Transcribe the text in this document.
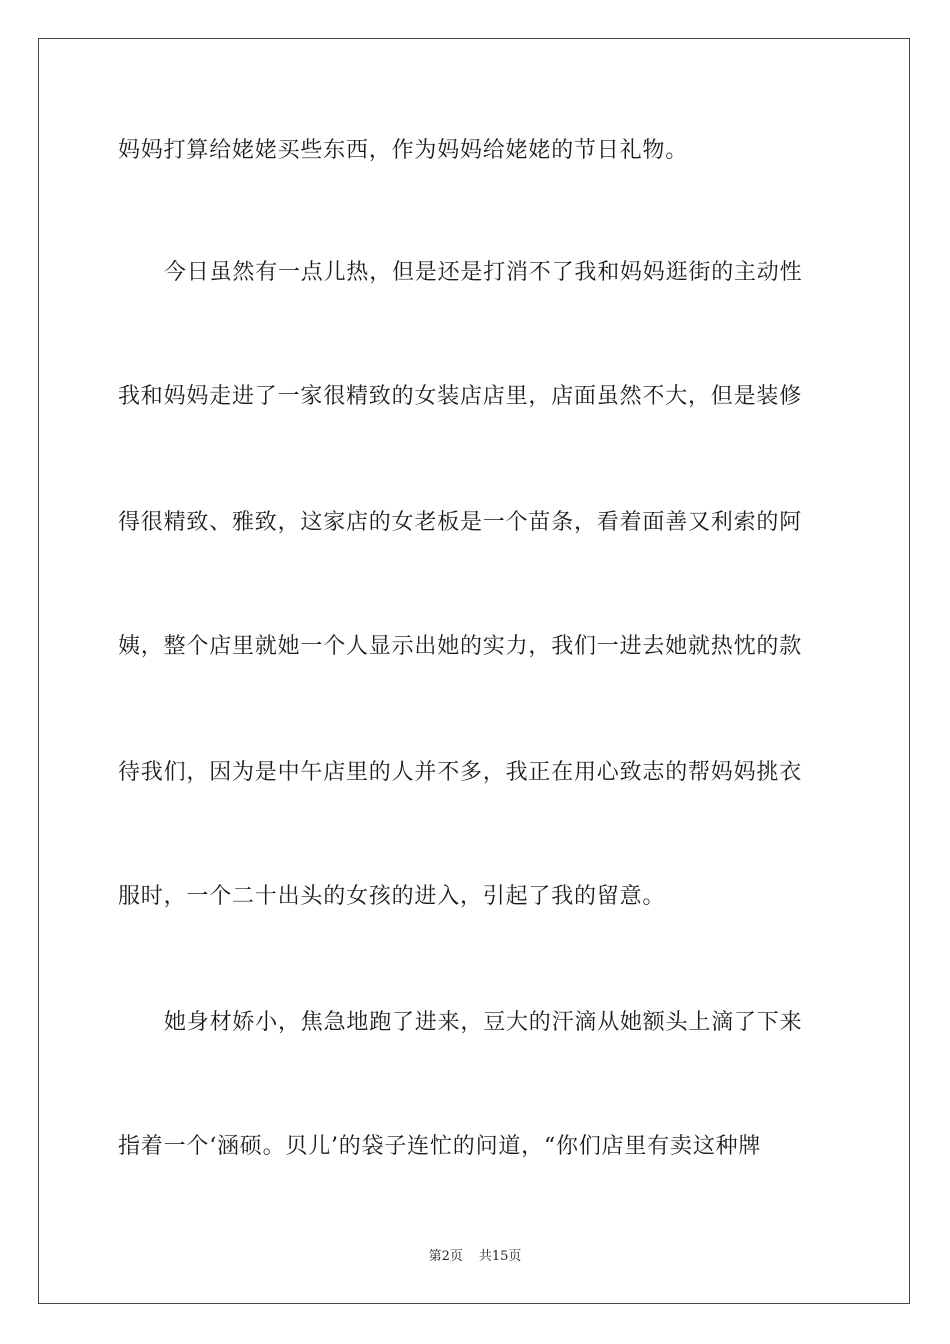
妈妈打算给姥姥买些东西，作为妈妈给姥姥的节日礼物。
今日虽然有一点儿热，但是还是打消不了我和妈妈逛街的主动性
我和妈妈走进了一家很精致的女装店店里，店面虽然不大，但是装修
得很精致、雅致，这家店的女老板是一个苗条，看着面善又利索的阿
姨，整个店里就她一个人显示出她的实力，我们一进去她就热忱的款
待我们，因为是中午店里的人并不多，我正在用心致志的帮妈妈挑衣
服时，一个二十出头的女孩的进入，引起了我的留意。
她身材娇小，焦急地跑了进来，豆大的汗滴从她额头上滴了下来
指着一个‘涵硕。贝儿’的袋子连忙的问道，“你们店里有卖这种牌
第2页 共15页
